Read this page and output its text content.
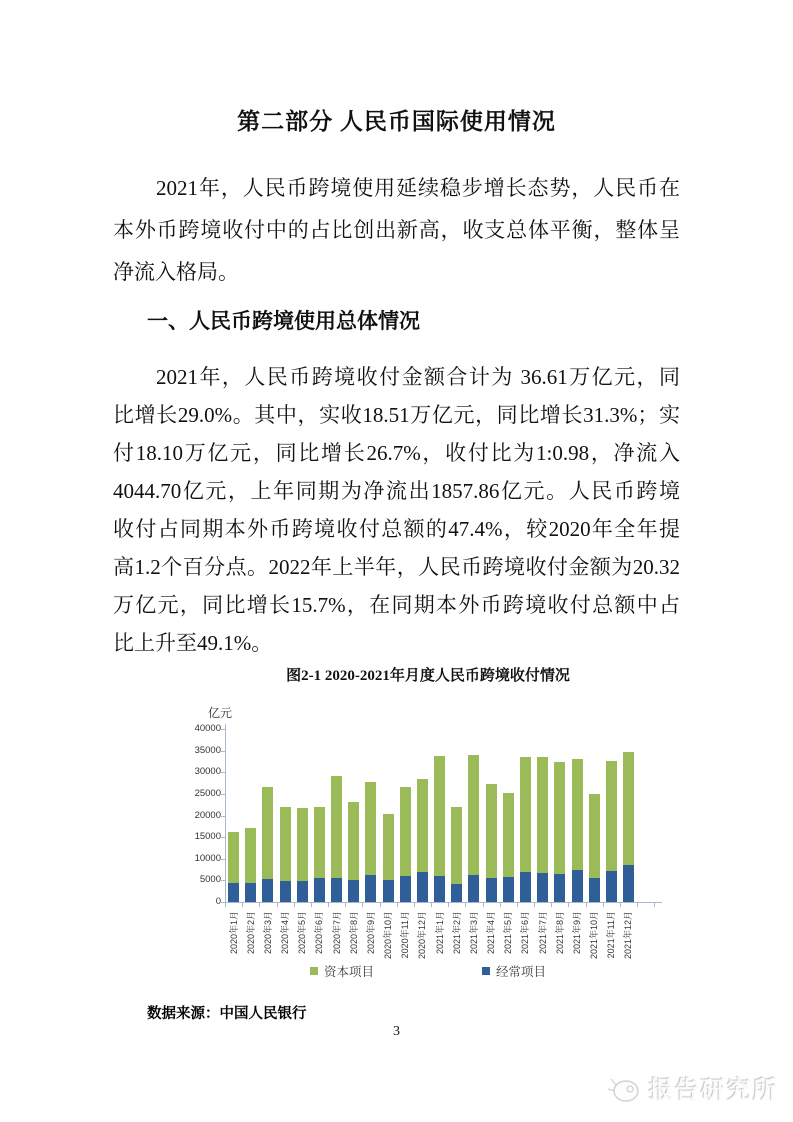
第二部分 人民币国际使用情况
2021年，人民币跨境使用延续稳步增长态势，人民币在
本外币跨境收付中的占比创出新高，收支总体平衡，整体呈
净流入格局。
一、人民币跨境使用总体情况
2021年，人民币跨境收付金额合计为 36.61万亿元，同
比增长29.0%。其中，实收18.51万亿元，同比增长31.3%；实
付18.10万亿元，同比增长26.7%，收付比为1:0.98，净流入
4044.70亿元，上年同期为净流出1857.86亿元。人民币跨境
收付占同期本外币跨境收付总额的47.4%，较2020年全年提
高1.2个百分点。2022年上半年，人民币跨境收付金额为20.32
万亿元，同比增长15.7%，在同期本外币跨境收付总额中占
比上升至49.1%。
图2-1 2020-2021年月度人民币跨境收付情况
亿元
40000
35000
30000
25000
20000
15000
10000
5000
0
2020年1月 2020年2月 2020年3月 2020年4月 2020年5月 2020年6月 2020年7月 2020年8月 2020年9月 2020年10月 2020年11月 2020年12月 2021年1月 2021年2月 2021年3月 2021年4月 2021年5月 2021年6月 2021年7月 2021年8月 2021年9月 2021年10月 2021年11月 2021年12月
资本项目	经常项目
数据来源：中国人民银行
3
报告研究所
